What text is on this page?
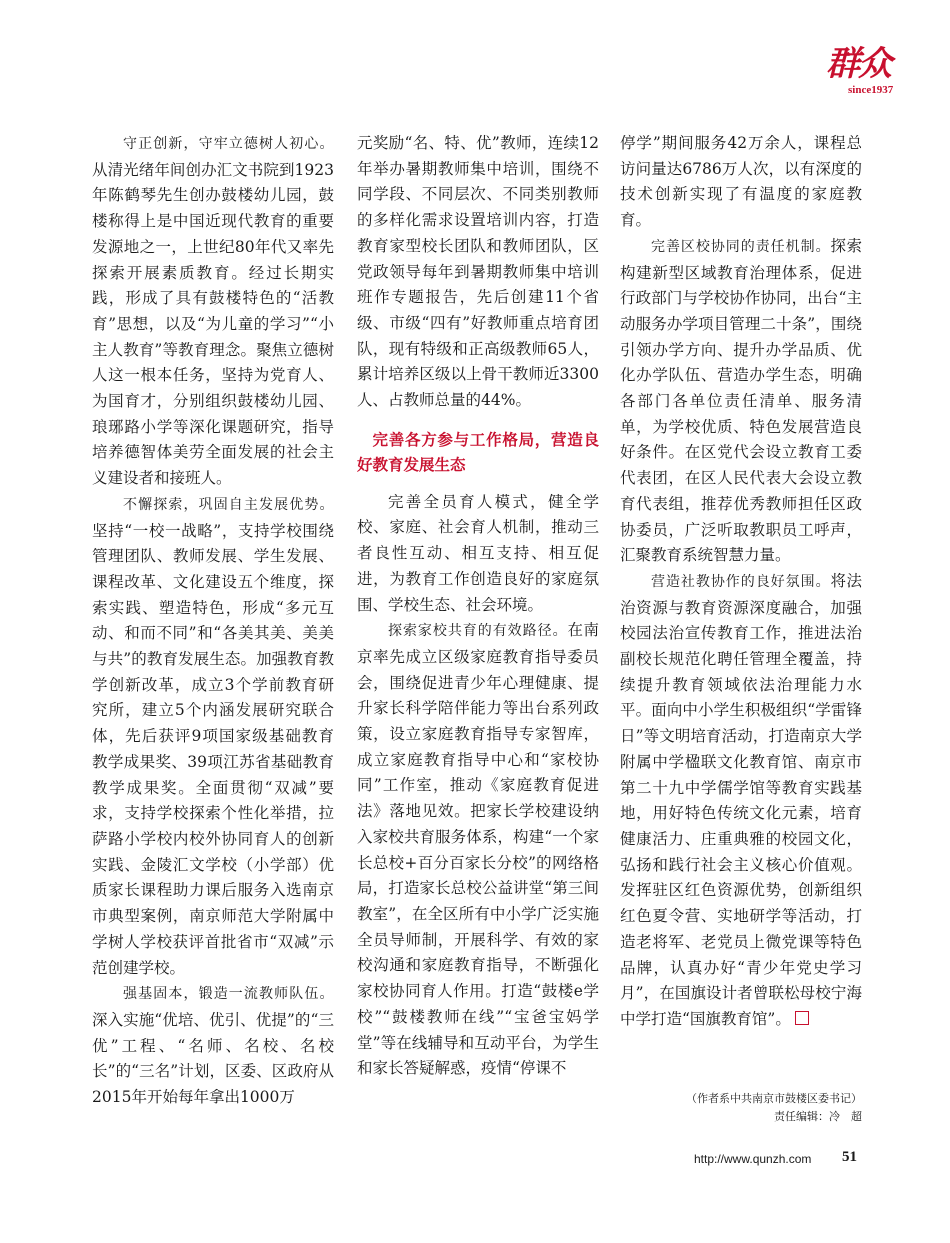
群众
since1937

守正创新，守牢立德树人初心。从清光绪年间创办汇文书院到1923年陈鹤琴先生创办鼓楼幼儿园，鼓楼称得上是中国近现代教育的重要发源地之一，上世纪80年代又率先探索开展素质教育。经过长期实践，形成了具有鼓楼特色的“活教育”思想，以及“为儿童的学习”“小主人教育”等教育理念。聚焦立德树人这一根本任务，坚持为党育人、为国育才，分别组织鼓楼幼儿园、琅琊路小学等深化课题研究，指导培养德智体美劳全面发展的社会主义建设者和接班人。

不懈探索，巩固自主发展优势。坚持“一校一战略”，支持学校围绕管理团队、教师发展、学生发展、课程改革、文化建设五个维度，探索实践、塑造特色，形成“多元互动、和而不同”和“各美其美、美美与共”的教育发展生态。加强教育教学创新改革，成立3个学前教育研究所，建立5个内涵发展研究联合体，先后获评9项国家级基础教育教学成果奖、39项江苏省基础教育教学成果奖。全面贯彻“双减”要求，支持学校探索个性化举措，拉萨路小学校内校外协同育人的创新实践、金陵汇文学校（小学部）优质家长课程助力课后服务入选南京市典型案例，南京师范大学附属中学树人学校获评首批省市“双减”示范创建学校。

强基固本，锻造一流教师队伍。深入实施“优培、优引、优提”的“三优”工程、“名师、名校、名校长”的“三名”计划，区委、区政府从2015年开始每年拿出1000万

元奖励“名、特、优”教师，连续12年举办暑期教师集中培训，围绕不同学段、不同层次、不同类别教师的多样化需求设置培训内容，打造教育家型校长团队和教师团队，区党政领导每年到暑期教师集中培训班作专题报告，先后创建11个省级、市级“四有”好教师重点培育团队，现有特级和正高级教师65人，累计培养区级以上骨干教师近3300人、占教师总量的44%。

完善各方参与工作格局，营造良好教育发展生态

完善全员育人模式，健全学校、家庭、社会育人机制，推动三者良性互动、相互支持、相互促进，为教育工作创造良好的家庭氛围、学校生态、社会环境。

探索家校共育的有效路径。在南京率先成立区级家庭教育指导委员会，围绕促进青少年心理健康、提升家长科学陪伴能力等出台系列政策，设立家庭教育指导专家智库，成立家庭教育指导中心和“家校协同”工作室，推动《家庭教育促进法》落地见效。把家长学校建设纳入家校共育服务体系，构建“一个家长总校+百分百家长分校”的网络格局，打造家长总校公益讲堂“第三间教室”，在全区所有中小学广泛实施全员导师制，开展科学、有效的家校沟通和家庭教育指导，不断强化家校协同育人作用。打造“鼓楼e学校”“鼓楼教师在线”“宝爸宝妈学堂”等在线辅导和互动平台，为学生和家长答疑解惑，疫情“停课不

停学”期间服务42万余人，课程总访问量达6786万人次，以有深度的技术创新实现了有温度的家庭教育。

完善区校协同的责任机制。探索构建新型区域教育治理体系，促进行政部门与学校协作协同，出台“主动服务办学项目管理二十条”，围绕引领办学方向、提升办学品质、优化办学队伍、营造办学生态，明确各部门各单位责任清单、服务清单，为学校优质、特色发展营造良好条件。在区党代会设立教育工委代表团，在区人民代表大会设立教育代表组，推荐优秀教师担任区政协委员，广泛听取教职员工呼声，汇聚教育系统智慧力量。

营造社教协作的良好氛围。将法治资源与教育资源深度融合，加强校园法治宣传教育工作，推进法治副校长规范化聘任管理全覆盖，持续提升教育领域依法治理能力水平。面向中小学生积极组织“学雷锋日”等文明培育活动，打造南京大学附属中学楹联文化教育馆、南京市第二十九中学儒学馆等教育实践基地，用好特色传统文化元素，培育健康活力、庄重典雅的校园文化，弘扬和践行社会主义核心价值观。发挥驻区红色资源优势，创新组织红色夏令营、实地研学等活动，打造老将军、老党员上微党课等特色品牌，认真办好“青少年党史学习月”，在国旗设计者曾联松母校宁海中学打造“国旗教育馆”。

（作者系中共南京市鼓楼区委书记）
责任编辑：冷　超
http://www.qunzh.com 51
